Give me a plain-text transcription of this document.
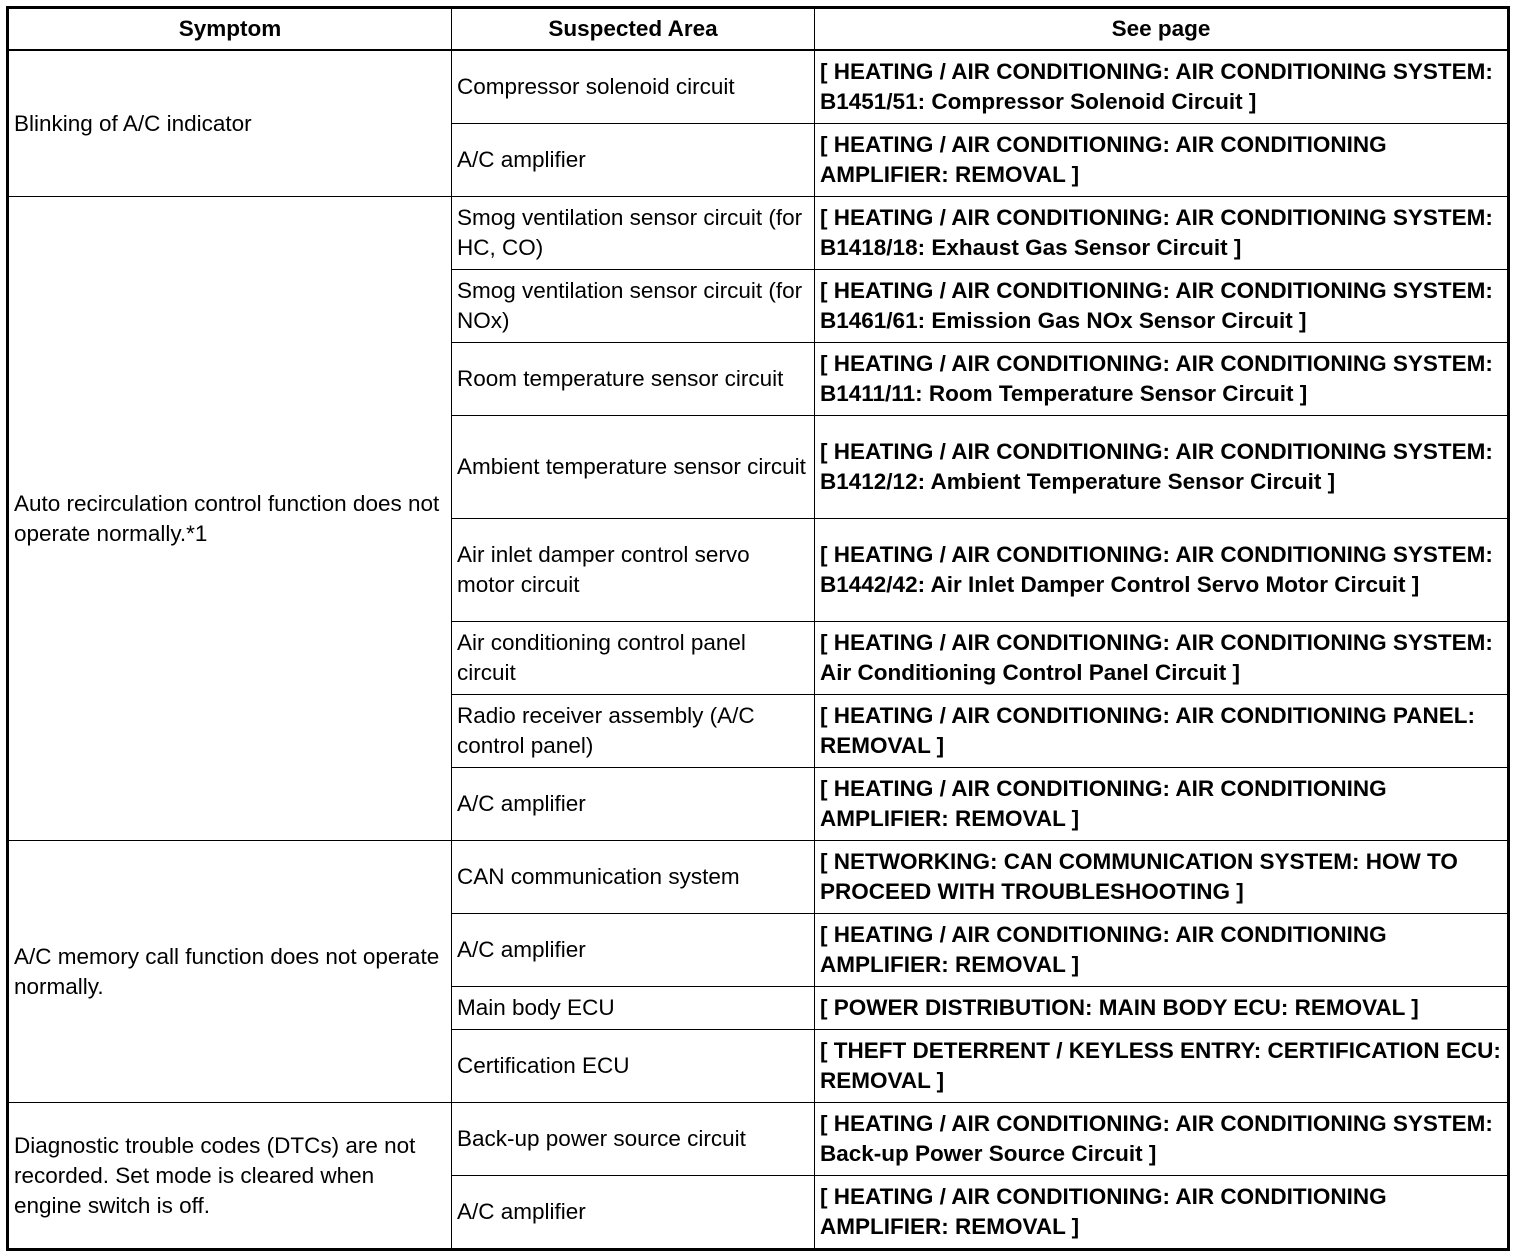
Symptom	Suspected Area	See page
Blinking of A/C indicator	Compressor solenoid circuit	[ HEATING / AIR CONDITIONING: AIR CONDITIONING SYSTEM: B1451/51: Compressor Solenoid Circuit ]
	A/C amplifier	[ HEATING / AIR CONDITIONING: AIR CONDITIONING AMPLIFIER: REMOVAL ]
Auto recirculation control function does not operate normally.*1	Smog ventilation sensor circuit (for HC, CO)	[ HEATING / AIR CONDITIONING: AIR CONDITIONING SYSTEM: B1418/18: Exhaust Gas Sensor Circuit ]
	Smog ventilation sensor circuit (for NOx)	[ HEATING / AIR CONDITIONING: AIR CONDITIONING SYSTEM: B1461/61: Emission Gas NOx Sensor Circuit ]
	Room temperature sensor circuit	[ HEATING / AIR CONDITIONING: AIR CONDITIONING SYSTEM: B1411/11: Room Temperature Sensor Circuit ]
	Ambient temperature sensor circuit	[ HEATING / AIR CONDITIONING: AIR CONDITIONING SYSTEM: B1412/12: Ambient Temperature Sensor Circuit ]
	Air inlet damper control servo motor circuit	[ HEATING / AIR CONDITIONING: AIR CONDITIONING SYSTEM: B1442/42: Air Inlet Damper Control Servo Motor Circuit ]
	Air conditioning control panel circuit	[ HEATING / AIR CONDITIONING: AIR CONDITIONING SYSTEM: Air Conditioning Control Panel Circuit ]
	Radio receiver assembly (A/C control panel)	[ HEATING / AIR CONDITIONING: AIR CONDITIONING PANEL: REMOVAL ]
	A/C amplifier	[ HEATING / AIR CONDITIONING: AIR CONDITIONING AMPLIFIER: REMOVAL ]
A/C memory call function does not operate normally.	CAN communication system	[ NETWORKING: CAN COMMUNICATION SYSTEM: HOW TO PROCEED WITH TROUBLESHOOTING ]
	A/C amplifier	[ HEATING / AIR CONDITIONING: AIR CONDITIONING AMPLIFIER: REMOVAL ]
	Main body ECU	[ POWER DISTRIBUTION: MAIN BODY ECU: REMOVAL ]
	Certification ECU	[ THEFT DETERRENT / KEYLESS ENTRY: CERTIFICATION ECU: REMOVAL ]
Diagnostic trouble codes (DTCs) are not recorded. Set mode is cleared when engine switch is off.	Back-up power source circuit	[ HEATING / AIR CONDITIONING: AIR CONDITIONING SYSTEM: Back-up Power Source Circuit ]
	A/C amplifier	[ HEATING / AIR CONDITIONING: AIR CONDITIONING AMPLIFIER: REMOVAL ]
